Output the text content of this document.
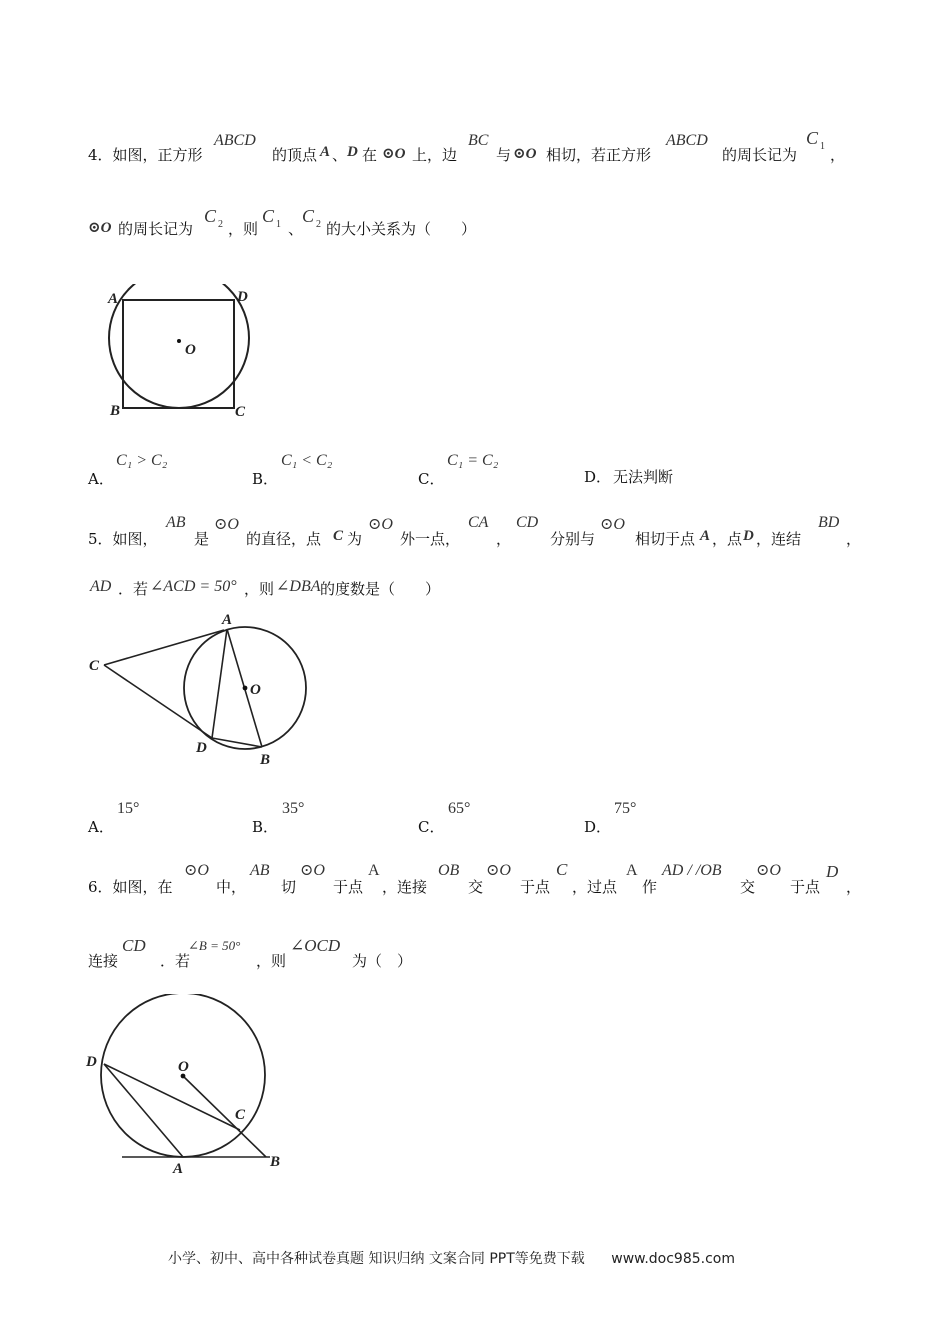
4．如图，正方形
ABCD
的顶点 A 、 D 在 ⊙O 上，边
BC
与 ⊙O 相切，若正方形
ABCD
的周长记为
C 1 ，
⊙O 的周长记为
C 2 ，则
C 1 、
C 2 的大小关系为（　　）
A	D
O
B	C
A．
C₁ > C₂
B．
C₁ < C₂
C．
C₁ = C₂
D． 无法判断
5．如图，
AB
是
⊙O
的直径，点 C 为
⊙O
外一点，
CA
，
CD
分别与
⊙O
相切于点 A ，点 D ，连结
BD
，
AD ．若 ∠ACD = 50° ，则 ∠DBA 的度数是（　　）
A
C
O
D
B
A．
15°
B．
35°
C．
65°
D．
75°
6．如图，在
⊙O
中，
AB
切
⊙O
于点
A
，连接
OB
交
⊙O
于点
C
，过点
A
作
AD / /OB
交
⊙O
于点
D
，
连接
CD
．若
∠B = 50°
，则
∠OCD
为（　）
D	O
C
A	B
小学、初中、高中各种试卷真题 知识归纳 文案合同 PPT等免费下载 www.doc985.com
